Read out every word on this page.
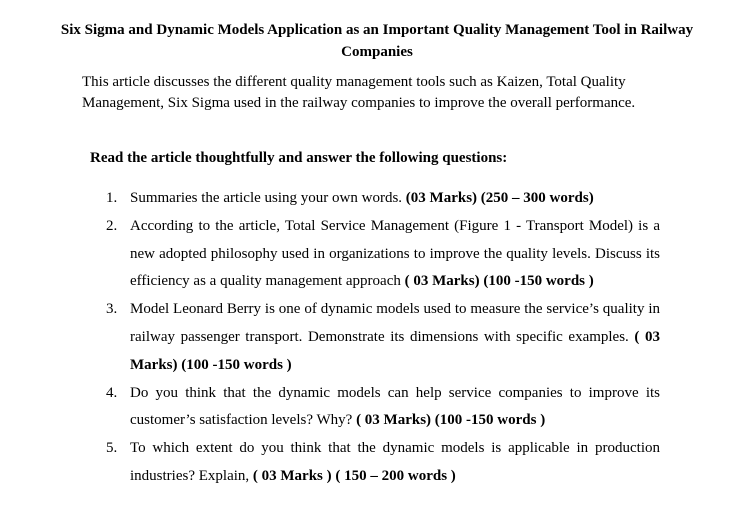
Six Sigma and Dynamic Models Application as an Important Quality Management Tool in Railway Companies
This article discusses the different quality management tools such as Kaizen, Total Quality Management, Six Sigma used in the railway companies to improve the overall performance.
Read the article thoughtfully and answer the following questions:
1. Summaries the article using your own words. (03 Marks) (250 – 300 words)
2. According to the article, Total Service Management (Figure 1 - Transport Model) is a new adopted philosophy used in organizations to improve the quality levels. Discuss its efficiency as a quality management approach ( 03 Marks) (100 -150 words )
3. Model Leonard Berry is one of dynamic models used to measure the service’s quality in railway passenger transport. Demonstrate its dimensions with specific examples. ( 03 Marks) (100 -150 words )
4. Do you think that the dynamic models can help service companies to improve its customer’s satisfaction levels? Why? ( 03 Marks) (100 -150 words )
5. To which extent do you think that the dynamic models is applicable in production industries? Explain, ( 03 Marks ) ( 150 – 200 words )
